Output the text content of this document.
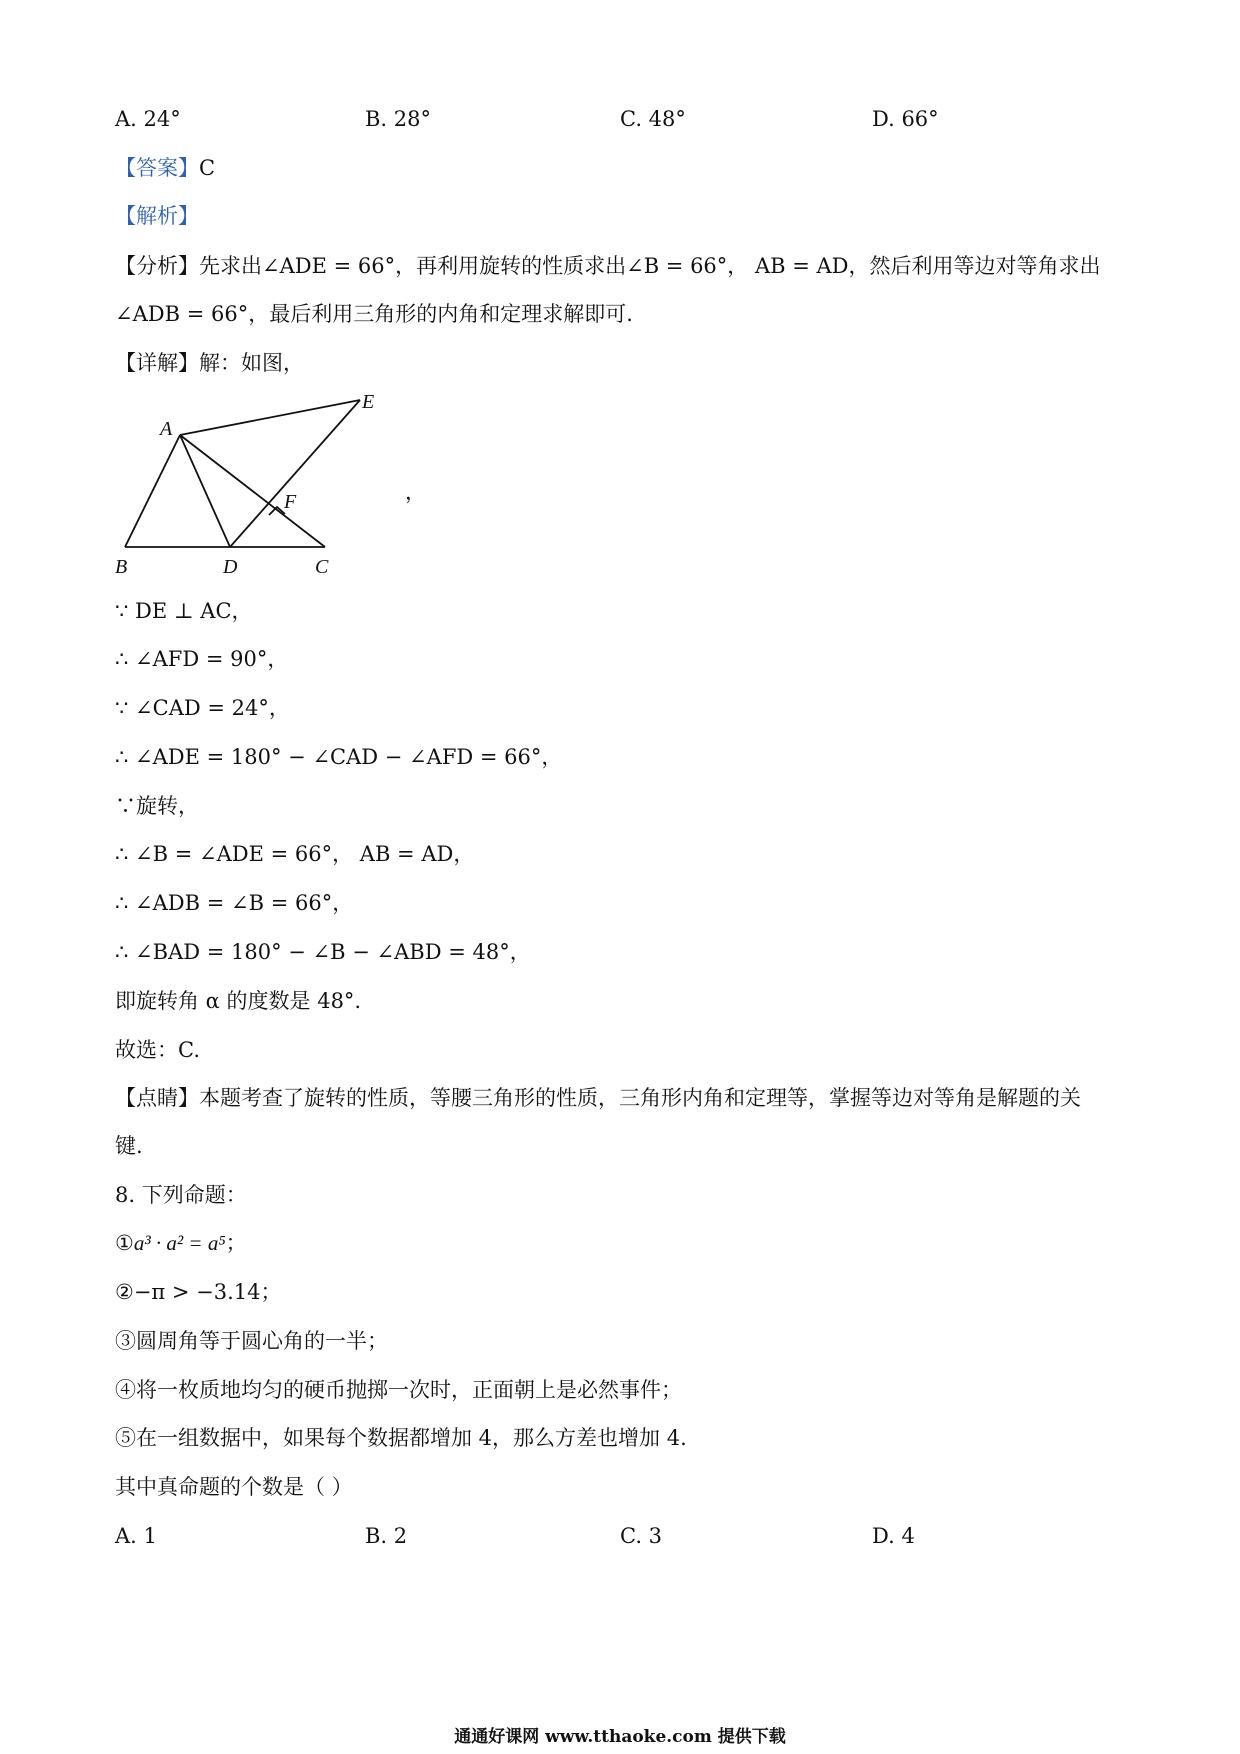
A. 24°	B. 28°	C. 48°	D. 66°
【答案】C
【解析】
【分析】先求出∠ADE = 66°，再利用旋转的性质求出∠B = 66°， AB = AD，然后利用等边对等角求出
∠ADB = 66°，最后利用三角形的内角和定理求解即可.
【详解】解：如图，
A
B	C
D
E
F	，
∵ DE ⊥ AC，
∴ ∠AFD = 90°，
∵ ∠CAD = 24°，
∴ ∠ADE = 180° − ∠CAD − ∠AFD = 66°，
∵旋转，
∴ ∠B = ∠ADE = 66°， AB = AD，
∴ ∠ADB = ∠B = 66°，
∴ ∠BAD = 180° − ∠B − ∠ABD = 48°，
即旋转角 α 的度数是 48°.
故选：C.
【点睛】本题考查了旋转的性质，等腰三角形的性质，三角形内角和定理等，掌握等边对等角是解题的关
键.
8. 下列命题：
①a³ · a² = a⁵；
②−π > −3.14；
③圆周角等于圆心角的一半；
④将一枚质地均匀的硬币抛掷一次时，正面朝上是必然事件；
⑤在一组数据中，如果每个数据都增加 4，那么方差也增加 4.
其中真命题的个数是（ ）
A. 1	B. 2	C. 3	D. 4
通通好课网 www.tthaoke.com 提供下载
